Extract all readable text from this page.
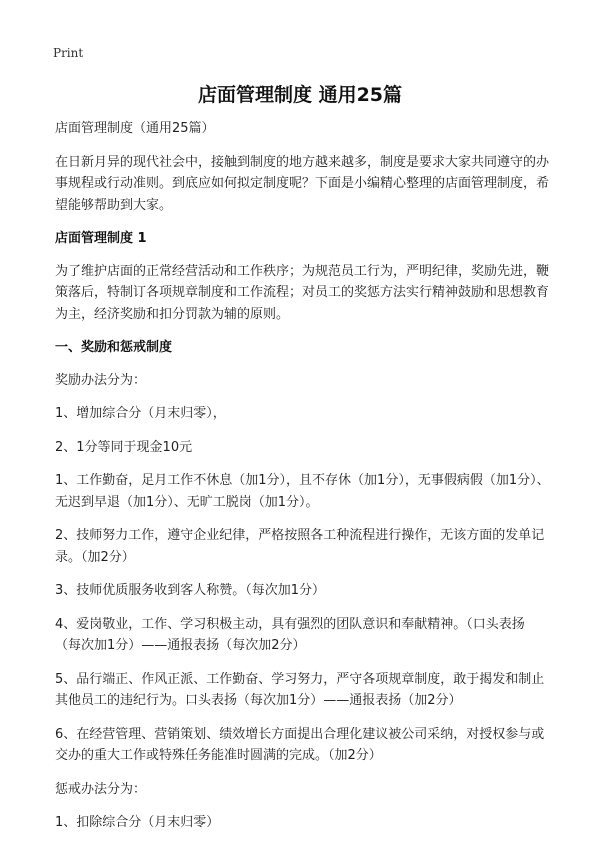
Print
店面管理制度 通用25篇

店面管理制度（通用25篇）

在日新月异的现代社会中，接触到制度的地方越来越多，制度是要求大家共同遵守的办事规程或行动准则。到底应如何拟定制度呢？下面是小编精心整理的店面管理制度，希望能够帮助到大家。

店面管理制度 1

为了维护店面的正常经营活动和工作秩序；为规范员工行为，严明纪律，奖励先进，鞭策落后，特制订各项规章制度和工作流程；对员工的奖惩方法实行精神鼓励和思想教育为主，经济奖励和扣分罚款为辅的原则。

一、奖励和惩戒制度

奖励办法分为：

1、增加综合分（月末归零），

2、1分等同于现金10元

1、工作勤奋，足月工作不休息（加1分），且不存休（加1分），无事假病假（加1分）、无迟到早退（加1分）、无旷工脱岗（加1分）。

2、技师努力工作，遵守企业纪律，严格按照各工种流程进行操作，无该方面的发单记录。（加2分）

3、技师优质服务收到客人称赞。（每次加1分）

4、爱岗敬业，工作、学习积极主动，具有强烈的团队意识和奉献精神。（口头表扬（每次加1分）——通报表扬（每次加2分）

5、品行端正、作风正派、工作勤奋、学习努力，严守各项规章制度，敢于揭发和制止其他员工的违纪行为。口头表扬（每次加1分）——通报表扬（加2分）

6、在经营管理、营销策划、绩效增长方面提出合理化建议被公司采纳，对授权参与或交办的重大工作或特殊任务能准时圆满的完成。（加2分）

惩戒办法分为：

1、扣除综合分（月末归零）
